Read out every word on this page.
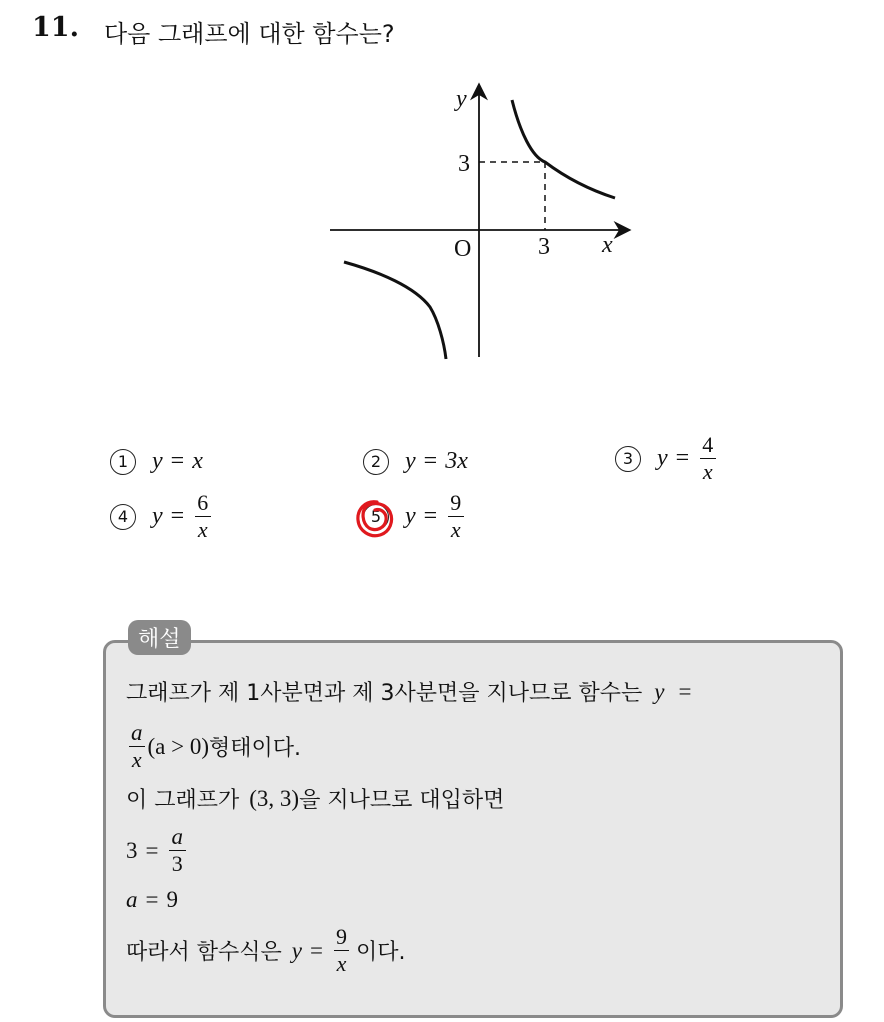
11. 다음 그래프에 대한 함수는?
y
x
O	3
3
1 y = x	2 y = 3x	3 $y = \frac{4}{x}$
4 $y = \frac{6}{x}$	5 $y = \frac{9}{x}$
해설
그래프가 제 1사분면과 제 3사분면을 지나므로 함수는 y =
$\frac{a}{x} (a > 0)$ 형태이다.
이 그래프가 (3, 3) 을 지나므로 대입하면
$3 = \frac{a}{3}$
a = 9
따라서 함수식은 $y = \frac{9}{x}$ 이다.
